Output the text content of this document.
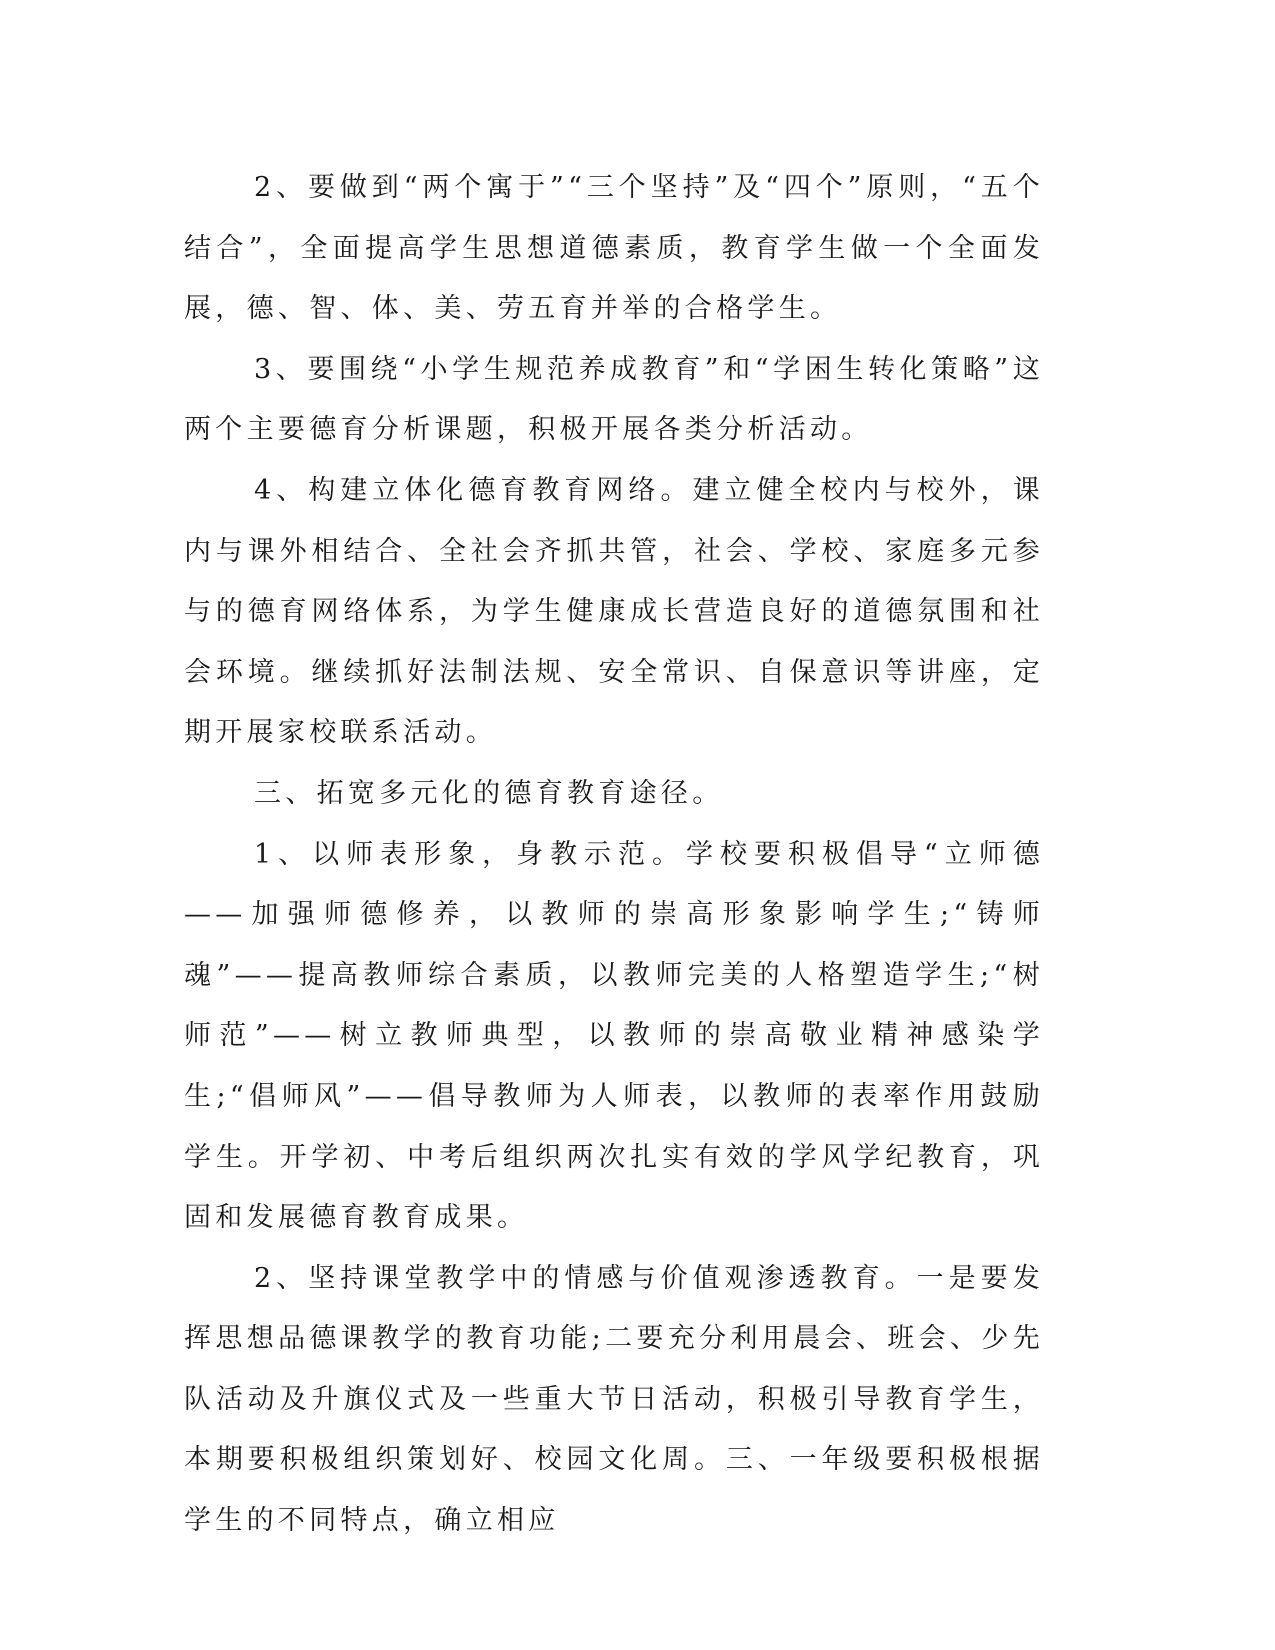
2、要做到“两个寓于”“三个坚持”及“四个”原则，“五个结合”，全面提高学生思想道德素质，教育学生做一个全面发展，德、智、体、美、劳五育并举的合格学生。

3、要围绕“小学生规范养成教育”和“学困生转化策略”这两个主要德育分析课题，积极开展各类分析活动。

4、构建立体化德育教育网络。建立健全校内与校外，课内与课外相结合、全社会齐抓共管，社会、学校、家庭多元参与的德育网络体系，为学生健康成长营造良好的道德氛围和社会环境。继续抓好法制法规、安全常识、自保意识等讲座，定期开展家校联系活动。

三、拓宽多元化的德育教育途径。

1、以师表形象，身教示范。学校要积极倡导“立师德——加强师德修养，以教师的崇高形象影响学生;“铸师魂”——提高教师综合素质，以教师完美的人格塑造学生;“树师范”——树立教师典型，以教师的崇高敬业精神感染学生;“倡师风”——倡导教师为人师表，以教师的表率作用鼓励学生。开学初、中考后组织两次扎实有效的学风学纪教育，巩固和发展德育教育成果。

2、坚持课堂教学中的情感与价值观渗透教育。一是要发挥思想品德课教学的教育功能;二要充分利用晨会、班会、少先队活动及升旗仪式及一些重大节日活动，积极引导教育学生，本期要积极组织策划好、校园文化周。三、一年级要积极根据学生的不同特点，确立相应
